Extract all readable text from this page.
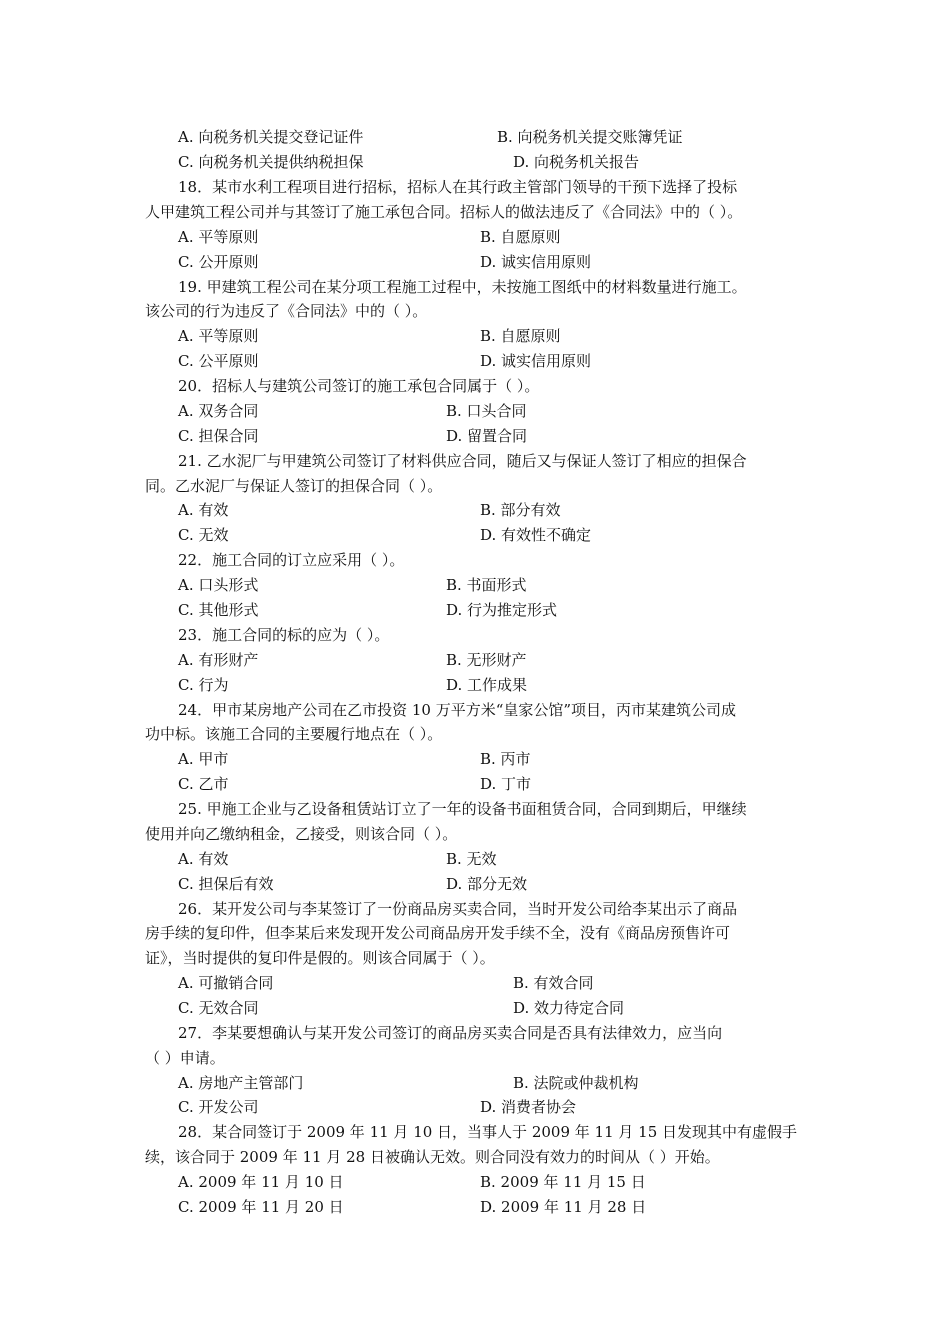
A. 向税务机关提交登记证件	B. 向税务机关提交账簿凭证
C. 向税务机关提供纳税担保	D. 向税务机关报告
18．某市水利工程项目进行招标，招标人在其行政主管部门领导的干预下选择了投标
人甲建筑工程公司并与其签订了施工承包合同。招标人的做法违反了《合同法》中的（ ）。
A. 平等原则	B. 自愿原则
C. 公开原则	D. 诚实信用原则
19. 甲建筑工程公司在某分项工程施工过程中，未按施工图纸中的材料数量进行施工。
该公司的行为违反了《合同法》中的（ ）。
A. 平等原则	B. 自愿原则
C. 公平原则	D. 诚实信用原则
20．招标人与建筑公司签订的施工承包合同属于（ ）。
A. 双务合同	B. 口头合同
C. 担保合同	D. 留置合同
21. 乙水泥厂与甲建筑公司签订了材料供应合同，随后又与保证人签订了相应的担保合
同。乙水泥厂与保证人签订的担保合同（ ）。
A. 有效	B. 部分有效
C. 无效	D. 有效性不确定
22．施工合同的订立应采用（ ）。
A. 口头形式	B. 书面形式
C. 其他形式	D. 行为推定形式
23．施工合同的标的应为（ ）。
A. 有形财产	B. 无形财产
C. 行为	D. 工作成果
24．甲市某房地产公司在乙市投资 10 万平方米“皇家公馆”项目，丙市某建筑公司成
功中标。该施工合同的主要履行地点在（ ）。
A. 甲市	B. 丙市
C. 乙市	D. 丁市
25. 甲施工企业与乙设备租赁站订立了一年的设备书面租赁合同，合同到期后，甲继续
使用并向乙缴纳租金，乙接受，则该合同（ ）。
A. 有效	B. 无效
C. 担保后有效	D. 部分无效
26．某开发公司与李某签订了一份商品房买卖合同，当时开发公司给李某出示了商品
房手续的复印件，但李某后来发现开发公司商品房开发手续不全，没有《商品房预售许可
证》，当时提供的复印件是假的。则该合同属于（ ）。
A. 可撤销合同	B. 有效合同
C. 无效合同	D. 效力待定合同
27．李某要想确认与某开发公司签订的商品房买卖合同是否具有法律效力，应当向
（ ）申请。
A. 房地产主管部门	B. 法院或仲裁机构
C. 开发公司	D. 消费者协会
28．某合同签订于 2009 年 11 月 10 日，当事人于 2009 年 11 月 15 日发现其中有虚假手
续，该合同于 2009 年 11 月 28 日被确认无效。则合同没有效力的时间从（ ）开始。
A. 2009 年 11 月 10 日	B. 2009 年 11 月 15 日
C. 2009 年 11 月 20 日	D. 2009 年 11 月 28 日
